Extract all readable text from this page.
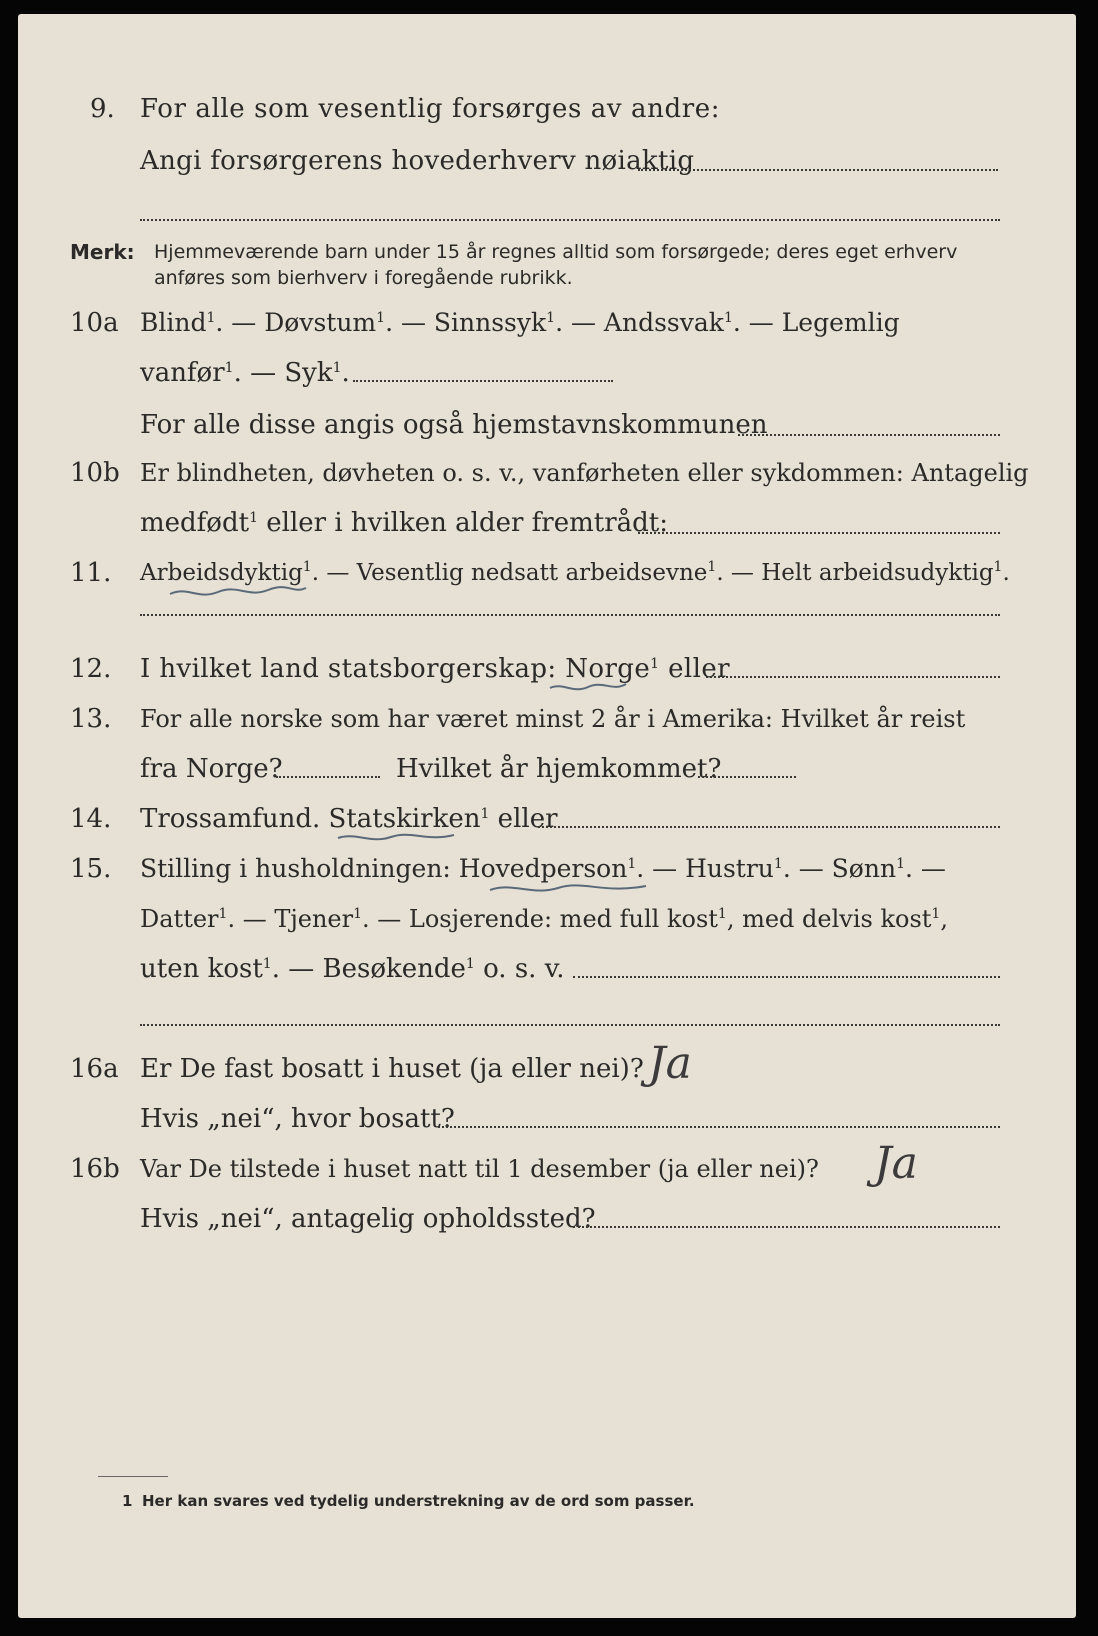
9. For alle som vesentlig forsørges av andre:
Angi forsørgerens hovederhverv nøiaktig
Merk: Hjemmeværende barn under 15 år regnes alltid som forsørgede; deres eget erhverv
anføres som bierhverv i foregående rubrikk.
10a Blind$^1$. — Døvstum$^1$. — Sinnssyk$^1$. — Andssvak$^1$. — Legemlig
vanfør$^1$. — Syk$^1$.
For alle disse angis også hjemstavnskommunen
10b Er blindheten, døvheten o. s. v., vanførheten eller sykdommen: Antagelig
medfødt$^1$ eller i hvilken alder fremtrådt:
11. Arbeidsdyktig$^1$. — Vesentlig nedsatt arbeidsevne$^1$. — Helt arbeidsudyktig$^1$.
12. I hvilket land statsborgerskap: Norge$^1$ eller
13. For alle norske som har været minst 2 år i Amerika: Hvilket år reist
fra Norge?	Hvilket år hjemkommet?
14. Trossamfund. Statskirken$^1$ eller
15. Stilling i husholdningen: Hovedperson$^1$. — Hustru$^1$. — Sønn$^1$. —
Datter$^1$. — Tjener$^1$. — Losjerende: med full kost$^1$, med delvis kost$^1$,
uten kost$^1$. — Besøkende$^1$ o. s. v.
16a Er De fast bosatt i huset (ja eller nei)? Ja
Hvis „nei“, hvor bosatt?
16b Var De tilstede i huset natt til 1 desember (ja eller nei)? Ja
Hvis „nei“, antagelig opholdssted?
1 Her kan svares ved tydelig understrekning av de ord som passer.
